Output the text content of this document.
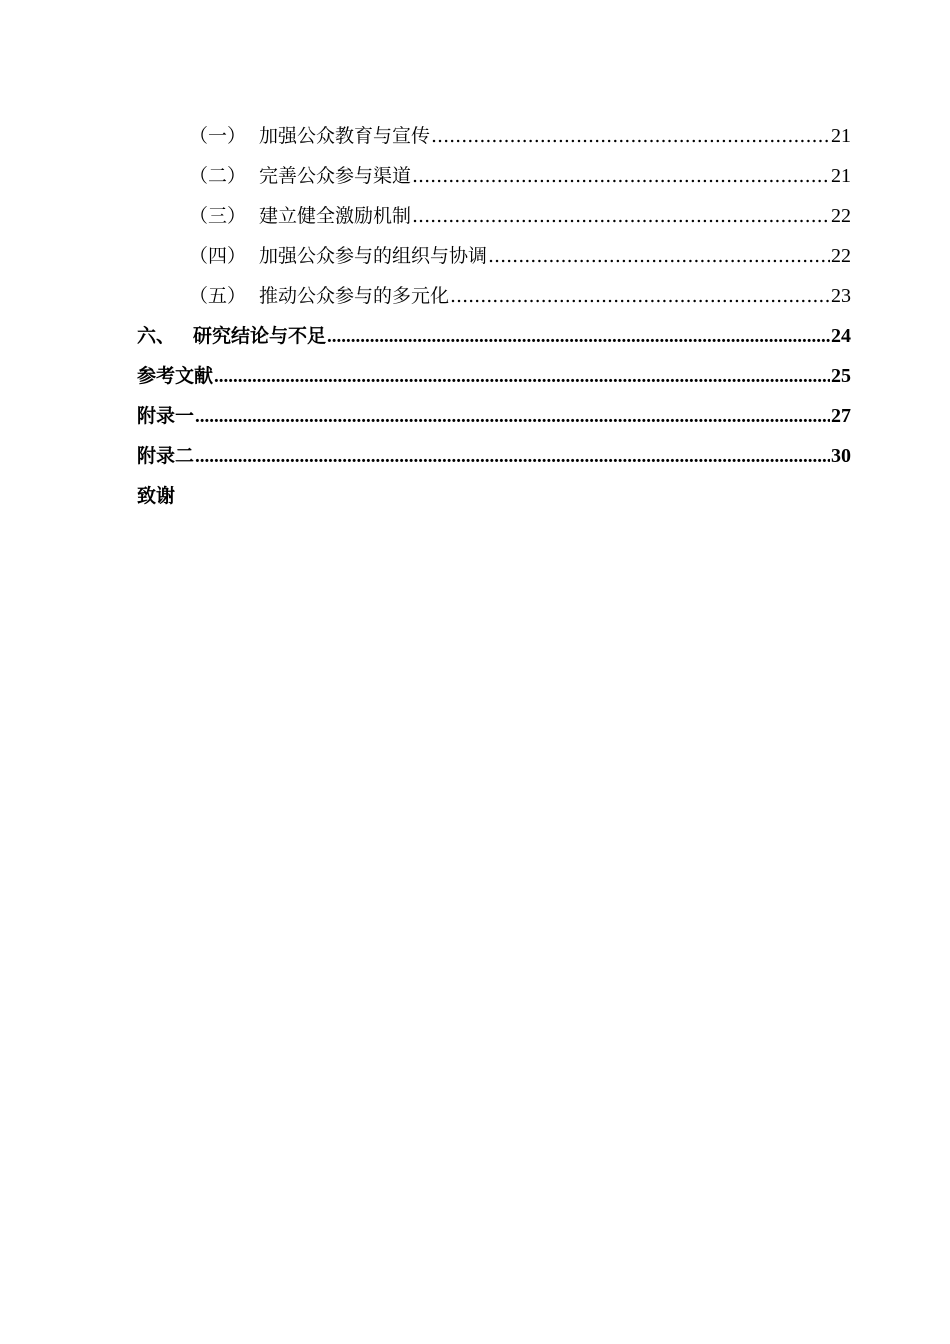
（一） 加强公众教育与宣传 .....	21
（二） 完善公众参与渠道 .....	21
（三） 建立健全激励机制 .....	22
（四） 加强公众参与的组织与协调 .....	22
（五） 推动公众参与的多元化 .....	23
六、 研究结论与不足 .....	24
参考文献 .....	25
附录一 .....	27
附录二 .....	30
致谢
